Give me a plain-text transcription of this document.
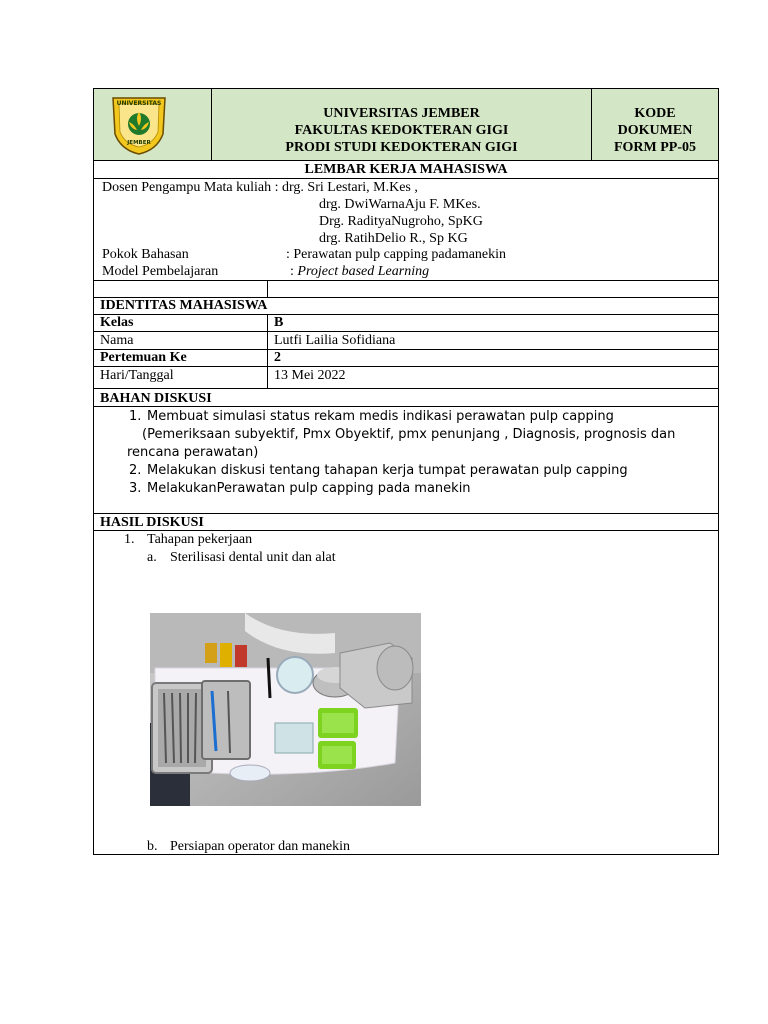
UNIVERSITAS
JEMBER
UNIVERSITAS JEMBER
FAKULTAS KEDOKTERAN GIGI
PRODI STUDI KEDOKTERAN GIGI
KODE
DOKUMEN
FORM PP-05
LEMBAR KERJA MAHASISWA
Dosen Pengampu Mata kuliah : drg. Sri Lestari, M.Kes ,
drg. DwiWarnaAju F. MKes.
Drg. RadityaNugroho, SpKG
drg. RatihDelio R., Sp KG
Pokok Bahasan	: Perawatan pulp capping padamanekin
Model Pembelajaran	: Project based Learning
IDENTITAS MAHASISWA
Kelas	B
Nama	Lutfi Lailia Sofidiana
Pertemuan Ke	2
Hari/Tanggal	13 Mei 2022
BAHAN DISKUSI
1. Membuat simulasi status rekam medis indikasi perawatan pulp capping
(Pemeriksaan subyektif, Pmx Obyektif, pmx penunjang , Diagnosis, prognosis dan
rencana perawatan)
2. Melakukan diskusi tentang tahapan kerja tumpat perawatan pulp capping
3. MelakukanPerawatan pulp capping pada manekin
HASIL DISKUSI
1. Tahapan pekerjaan
a. Sterilisasi dental unit dan alat
b. Persiapan operator dan manekin
